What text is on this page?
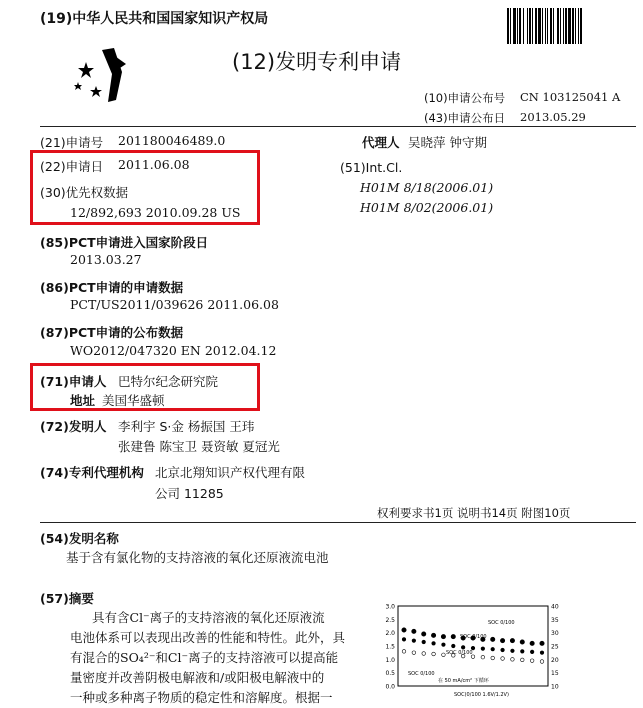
(19)中华人民共和国国家知识产权局
(12)发明专利申请
(10)申请公布号 CN 103125041 A
(43)申请公布日 2013.05.29
(21)申请号 201180046489.0
(22)申请日 2011.06.08
(30)优先权数据
12/892,693 2010.09.28 US
(85)PCT申请进入国家阶段日
2013.03.27
(86)PCT申请的申请数据
PCT/US2011/039626 2011.06.08
(87)PCT申请的公布数据
WO2012/047320 EN 2012.04.12
(71)申请人 巴特尔纪念研究院
地址 美国华盛顿
(72)发明人 李利宇 S·金 杨振国 王玮
张建鲁 陈宝卫 聂资敏 夏冠光
(74)专利代理机构 北京北翔知识产权代理有限
公司 11285
代理人 吴晓萍 钟守期
(51)Int.Cl.
H01M 8/18(2006.01)
H01M 8/02(2006.01)
权利要求书1页 说明书14页 附图10页
(54)发明名称
基于含有氯化物的支持溶液的氧化还原液流电池
(57)摘要
具有含Cl⁻离子的支持溶液的氧化还原液流
电池体系可以表现出改善的性能和特性。此外，具
有混合的SO₄²⁻和Cl⁻离子的支持溶液可以提高能
量密度并改善阴极电解液和/或阳极电解液中的
一种或多种离子物质的稳定性和溶解度。根据一
3.0
2.5
2.0
1.5
1.0
0.5
0.0
40
35
30
25
20
15
10
SOC 0/100
SOC 0/100
SOC 0/100
SOC 0/100
在 50 mA/cm² 下循环
SOC(0/100 1.6V/1.2V)
